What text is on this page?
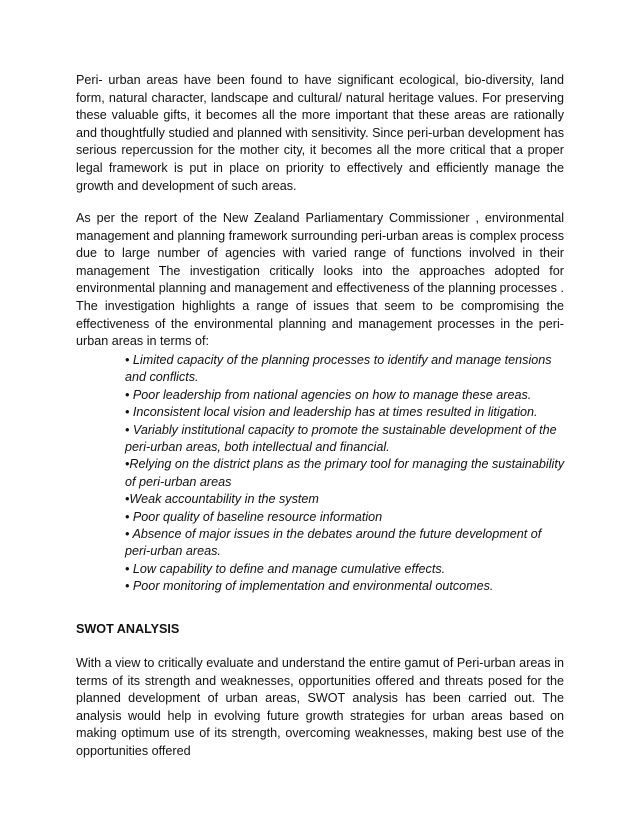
Peri- urban areas have been found to have significant ecological, bio-diversity, land form, natural character, landscape and cultural/ natural heritage values. For preserving these valuable gifts, it becomes all the more important that these areas are rationally and thoughtfully studied and planned with sensitivity. Since peri-urban development has serious repercussion for the mother city, it becomes all the more critical that a proper legal framework is put in place on priority to effectively and efficiently manage the growth and development of such areas.

As per the report of the New Zealand Parliamentary Commissioner , environmental management and planning framework surrounding peri-urban areas is complex process due to large number of agencies with varied range of functions involved in their management The investigation critically looks into the approaches adopted for environmental planning and management and effectiveness of the planning processes . The investigation highlights a range of issues that seem to be compromising the effectiveness of the environmental planning and management processes in the peri-urban areas in terms of:

• Limited capacity of the planning processes to identify and manage tensions and conflicts.
• Poor leadership from national agencies on how to manage these areas.
• Inconsistent local vision and leadership has at times resulted in litigation.
• Variably institutional capacity to promote the sustainable development of the peri-urban areas, both intellectual and financial.
•Relying on the district plans as the primary tool for managing the sustainability of peri-urban areas
•Weak accountability in the system
• Poor quality of baseline resource information
• Absence of major issues in the debates around the future development of peri-urban areas.
• Low capability to define and manage cumulative effects.
• Poor monitoring of implementation and environmental outcomes.
SWOT ANALYSIS

With a view to critically evaluate and understand the entire gamut of Peri-urban areas in terms of its strength and weaknesses, opportunities offered and threats posed for the planned development of urban areas, SWOT analysis has been carried out. The analysis would help in evolving future growth strategies for urban areas based on making optimum use of its strength, overcoming weaknesses, making best use of the opportunities offered
